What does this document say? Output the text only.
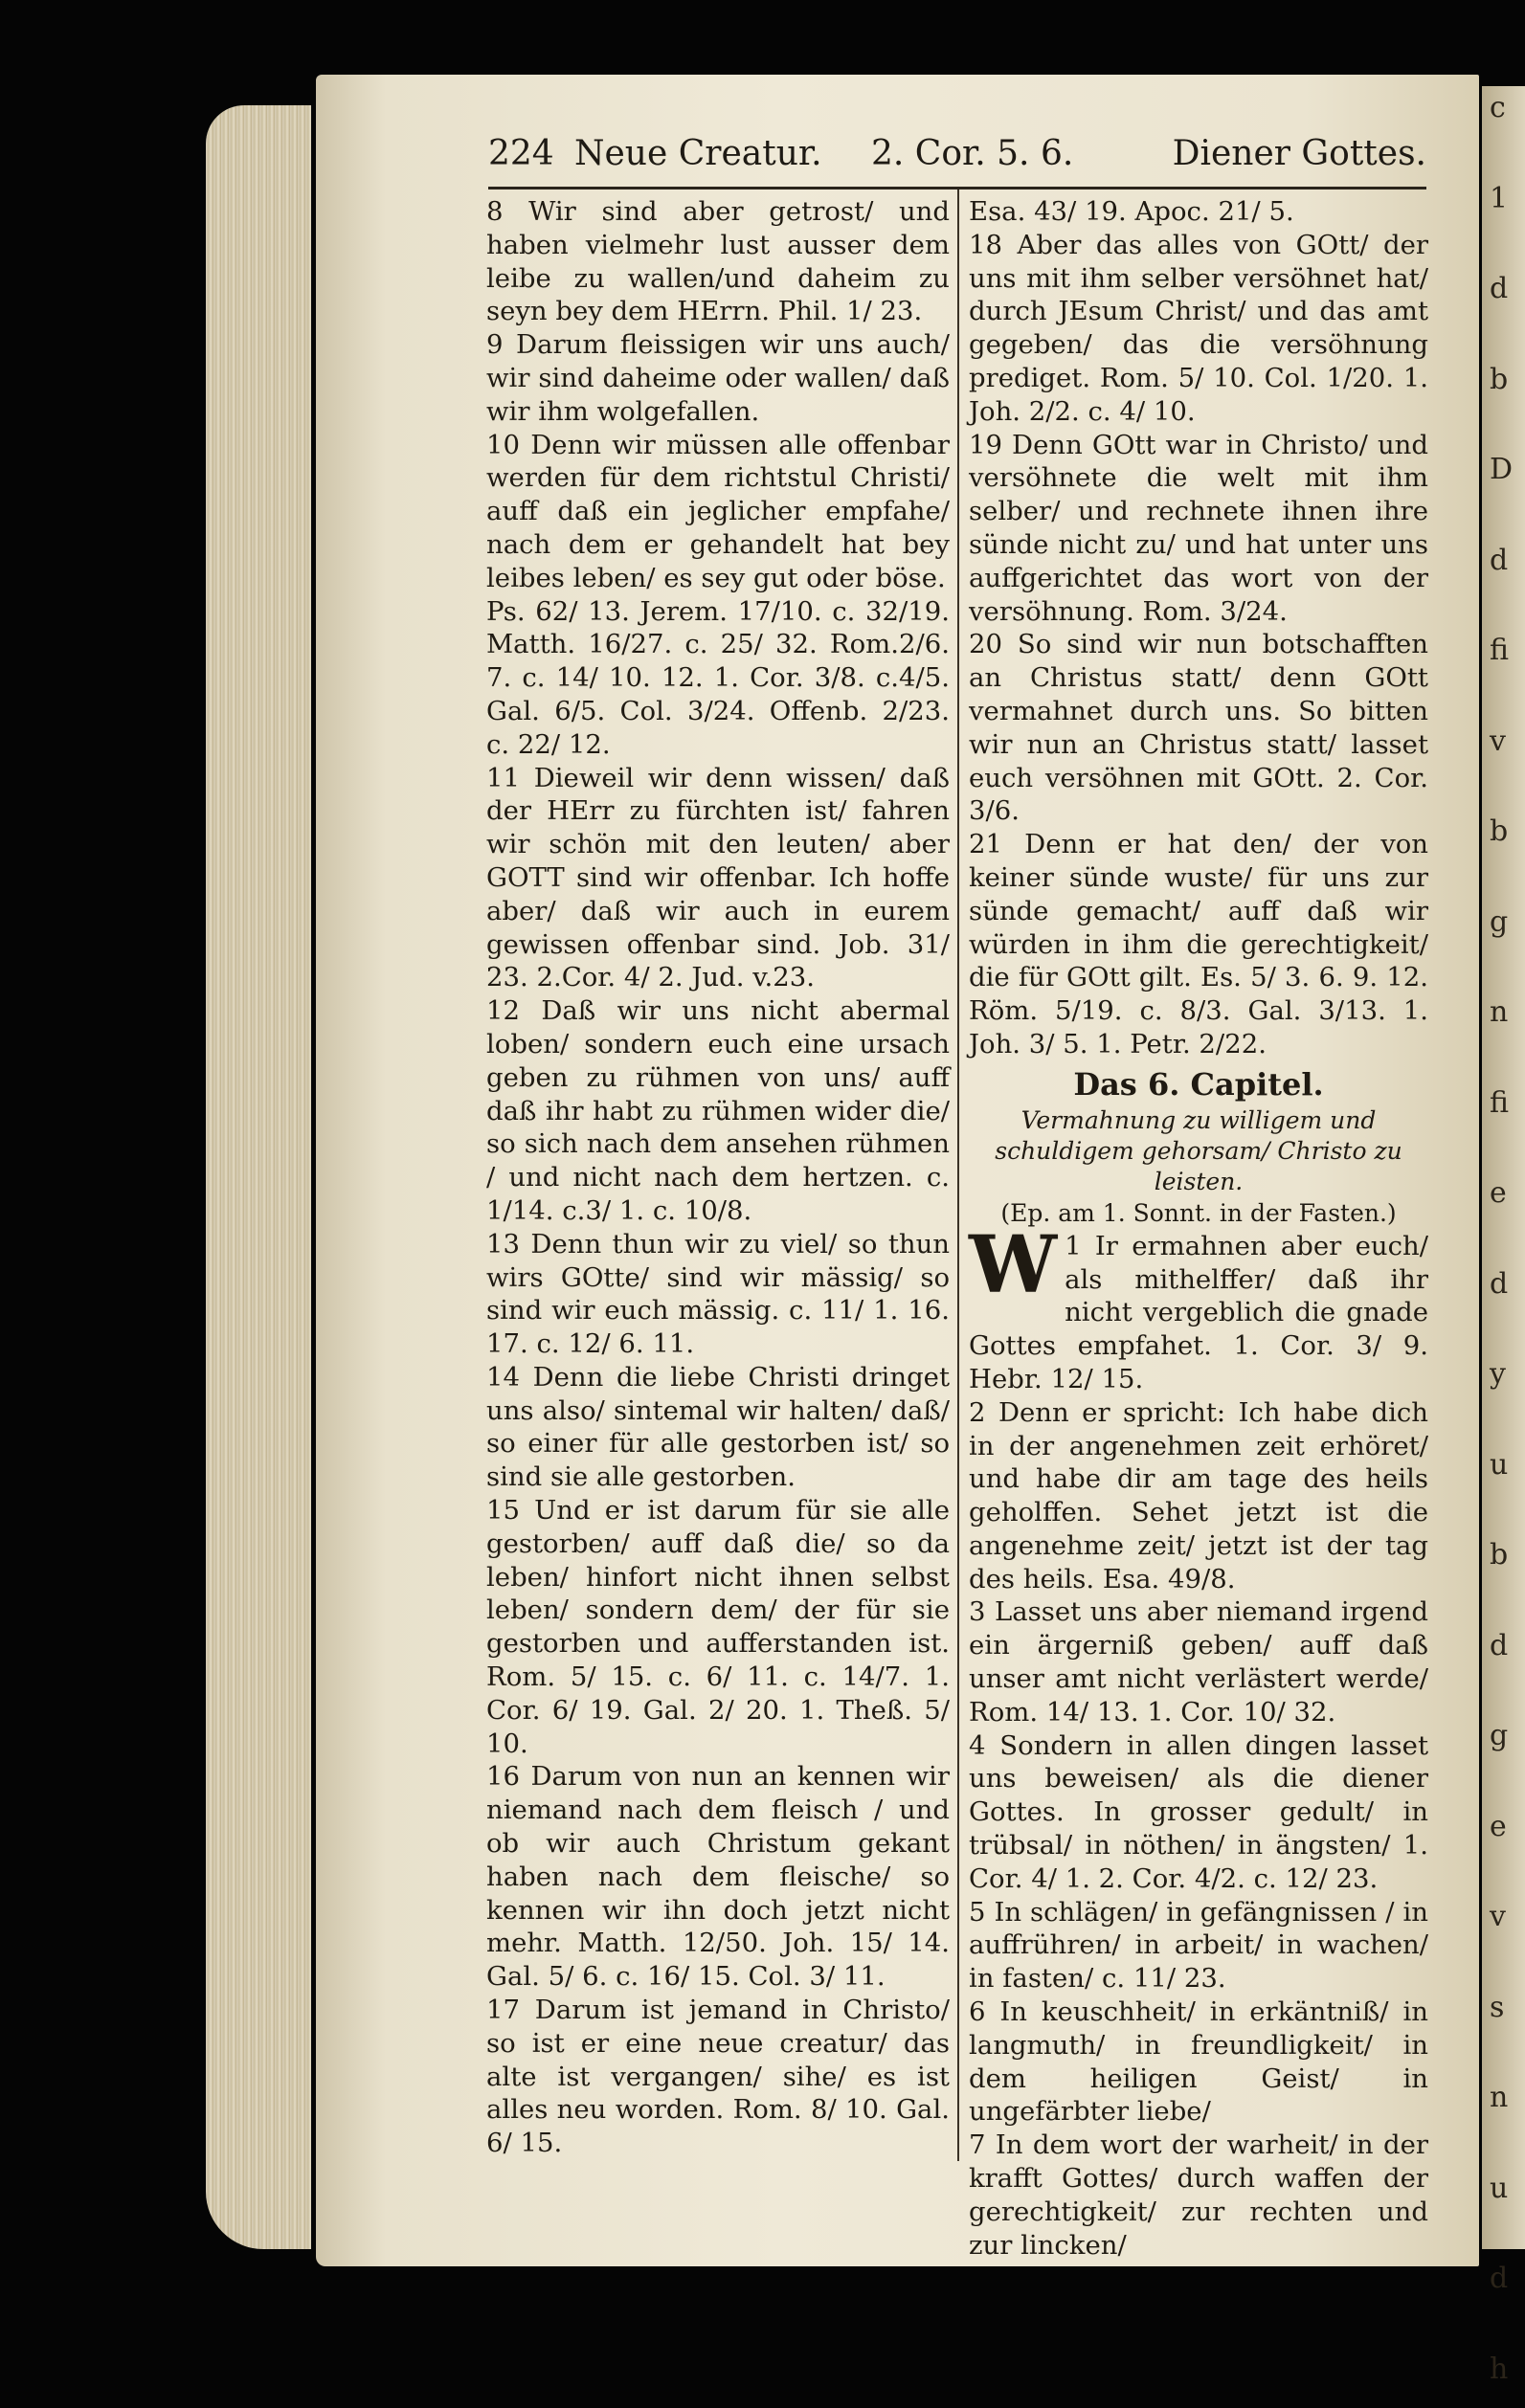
c
1
d
b
D
d
fi
v
b
g
n
fi
e
d
y
u
b
d
g
e
v
s
n
u
d
h
224 Neue Creatur. 2. Cor. 5. 6.	Diener Gottes.

8 Wir sind aber getrost/ und haben vielmehr lust ausser dem leibe zu wallen/und daheim zu seyn bey dem HErrn. Phil. 1/ 23.

9 Darum fleissigen wir uns auch/ wir sind daheime oder wallen/ daß wir ihm wolgefallen.

10 Denn wir müssen alle offenbar werden für dem richtstul Christi/ auff daß ein jeglicher empfahe/ nach dem er gehandelt hat bey leibes leben/ es sey gut oder böse.

Ps. 62/ 13. Jerem. 17/10. c. 32/19. Matth. 16/27. c. 25/ 32. Rom.2/6. 7. c. 14/ 10. 12. 1. Cor. 3/8. c.4/5. Gal. 6/5. Col. 3/24. Offenb. 2/23. c. 22/ 12.

11 Dieweil wir denn wissen/ daß der HErr zu fürchten ist/ fahren wir schön mit den leuten/ aber GOTT sind wir offenbar. Ich hoffe aber/ daß wir auch in eurem gewissen offenbar sind. Job. 31/ 23. 2.Cor. 4/ 2. Jud. v.23.

12 Daß wir uns nicht abermal loben/ sondern euch eine ursach geben zu rühmen von uns/ auff daß ihr habt zu rühmen wider die/ so sich nach dem ansehen rühmen / und nicht nach dem hertzen. c. 1/14. c.3/ 1. c. 10/8.

13 Denn thun wir zu viel/ so thun wirs GOtte/ sind wir mässig/ so sind wir euch mässig. c. 11/ 1. 16. 17. c. 12/ 6. 11.

14 Denn die liebe Christi dringet uns also/ sintemal wir halten/ daß/ so einer für alle gestorben ist/ so sind sie alle gestorben.

15 Und er ist darum für sie alle gestorben/ auff daß die/ so da leben/ hinfort nicht ihnen selbst leben/ sondern dem/ der für sie gestorben und aufferstanden ist. Rom. 5/ 15. c. 6/ 11. c. 14/7. 1. Cor. 6/ 19. Gal. 2/ 20. 1. Theß. 5/ 10.

16 Darum von nun an kennen wir niemand nach dem fleisch / und ob wir auch Christum gekant haben nach dem fleische/ so kennen wir ihn doch jetzt nicht mehr. Matth. 12/50. Joh. 15/ 14. Gal. 5/ 6. c. 16/ 15. Col. 3/ 11.

17 Darum ist jemand in Christo/ so ist er eine neue creatur/ das alte ist vergangen/ sihe/ es ist alles neu worden. Rom. 8/ 10. Gal. 6/ 15.

Esa. 43/ 19. Apoc. 21/ 5.

18 Aber das alles von GOtt/ der uns mit ihm selber versöhnet hat/ durch JEsum Christ/ und das amt gegeben/ das die versöhnung prediget. Rom. 5/ 10. Col. 1/20. 1. Joh. 2/2. c. 4/ 10.

19 Denn GOtt war in Christo/ und versöhnete die welt mit ihm selber/ und rechnete ihnen ihre sünde nicht zu/ und hat unter uns auffgerichtet das wort von der versöhnung. Rom. 3/24.

20 So sind wir nun botschafften an Christus statt/ denn GOtt vermahnet durch uns. So bitten wir nun an Christus statt/ lasset euch versöhnen mit GOtt. 2. Cor. 3/6.

21 Denn er hat den/ der von keiner sünde wuste/ für uns zur sünde gemacht/ auff daß wir würden in ihm die gerechtigkeit/ die für GOtt gilt. Es. 5/ 3. 6. 9. 12. Röm. 5/19. c. 8/3. Gal. 3/13. 1. Joh. 3/ 5. 1. Petr. 2/22.

Das 6. Capitel.
Vermahnung zu willigem und schuldigem gehorsam/ Christo zu leisten.
(Ep. am 1. Sonnt. in der Fasten.)

W 1 Ir ermahnen aber euch/ als mithelffer/ daß ihr nicht vergeblich die gnade Gottes empfahet. 1. Cor. 3/ 9. Hebr. 12/ 15.

2 Denn er spricht: Ich habe dich in der angenehmen zeit erhöret/ und habe dir am tage des heils geholffen. Sehet jetzt ist die angenehme zeit/ jetzt ist der tag des heils. Esa. 49/8.

3 Lasset uns aber niemand irgend ein ärgerniß geben/ auff daß unser amt nicht verlästert werde/ Rom. 14/ 13. 1. Cor. 10/ 32.

4 Sondern in allen dingen lasset uns beweisen/ als die diener Gottes. In grosser gedult/ in trübsal/ in nöthen/ in ängsten/ 1. Cor. 4/ 1. 2. Cor. 4/2. c. 12/ 23.

5 In schlägen/ in gefängnissen / in auffrühren/ in arbeit/ in wachen/ in fasten/ c. 11/ 23.

6 In keuschheit/ in erkäntniß/ in langmuth/ in freundligkeit/ in dem heiligen Geist/ in ungefärbter liebe/

7 In dem wort der warheit/ in der krafft Gottes/ durch waffen der gerechtigkeit/ zur rechten und zur lincken/
